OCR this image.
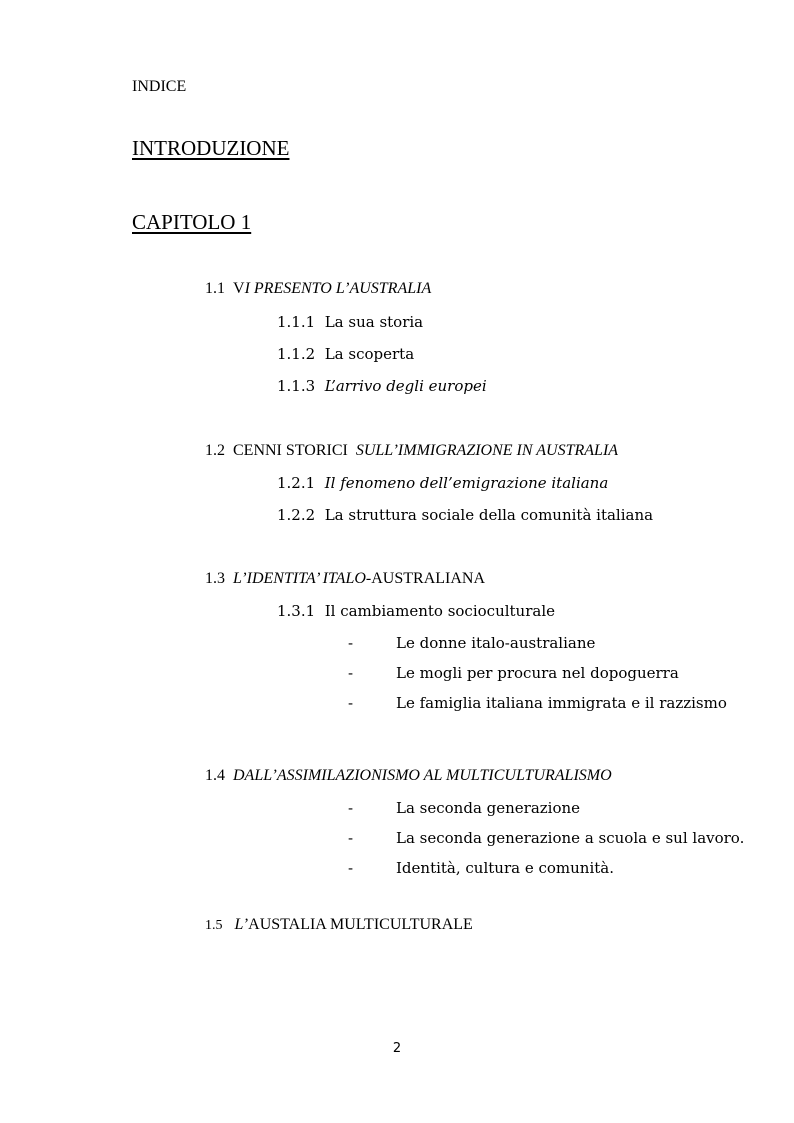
INDICE
INTRODUZIONE
CAPITOLO 1
1.1 VI PRESENTO L’AUSTRALIA
1.1.1 La sua storia
1.1.2 La scoperta
1.1.3 L’arrivo degli europei
1.2 CENNI STORICI SULL’IMMIGRAZIONE IN AUSTRALIA
1.2.1 Il fenomeno dell’emigrazione italiana
1.2.2 La struttura sociale della comunità italiana
1.3 L’IDENTITA’ ITALO-AUSTRALIANA
1.3.1 Il cambiamento socioculturale
-	Le donne italo-australiane
-	Le mogli per procura nel dopoguerra
-	Le famiglia italiana immigrata e il razzismo
1.4 DALL’ASSIMILAZIONISMO AL MULTICULTURALISMO
-	La seconda generazione
-	La seconda generazione a scuola e sul lavoro.
-	Identità, cultura e comunità.
1.5 L’AUSTALIA MULTICULTURALE
2
